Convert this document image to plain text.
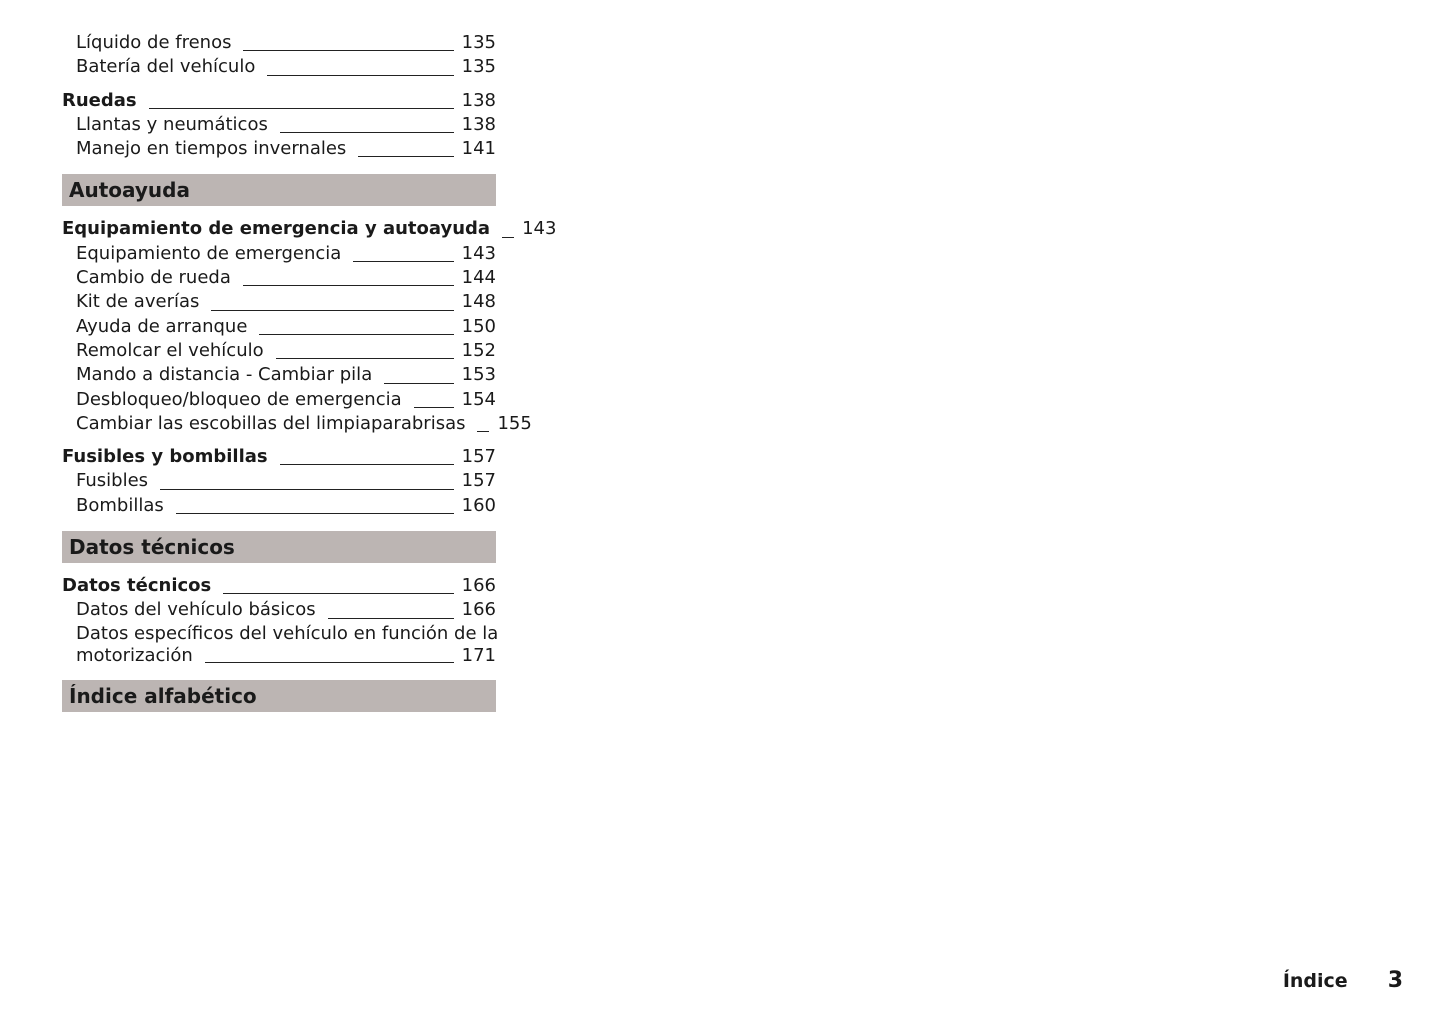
Líquido de frenos	135
Batería del vehículo	135
Ruedas	138
Llantas y neumáticos	138
Manejo en tiempos invernales	141
Autoayuda
Equipamiento de emergencia y autoayuda 143
Equipamiento de emergencia	143
Cambio de rueda	144
Kit de averías	148
Ayuda de arranque	150
Remolcar el vehículo	152
Mando a distancia - Cambiar pila	153
Desbloqueo/bloqueo de emergencia	154
Cambiar las escobillas del limpiaparabrisas 155
Fusibles y bombillas	157
Fusibles	157
Bombillas	160
Datos técnicos
Datos técnicos	166
Datos del vehículo básicos	166
Datos específicos del vehículo en función de la
motorización	171
Índice alfabético
Índice 3
